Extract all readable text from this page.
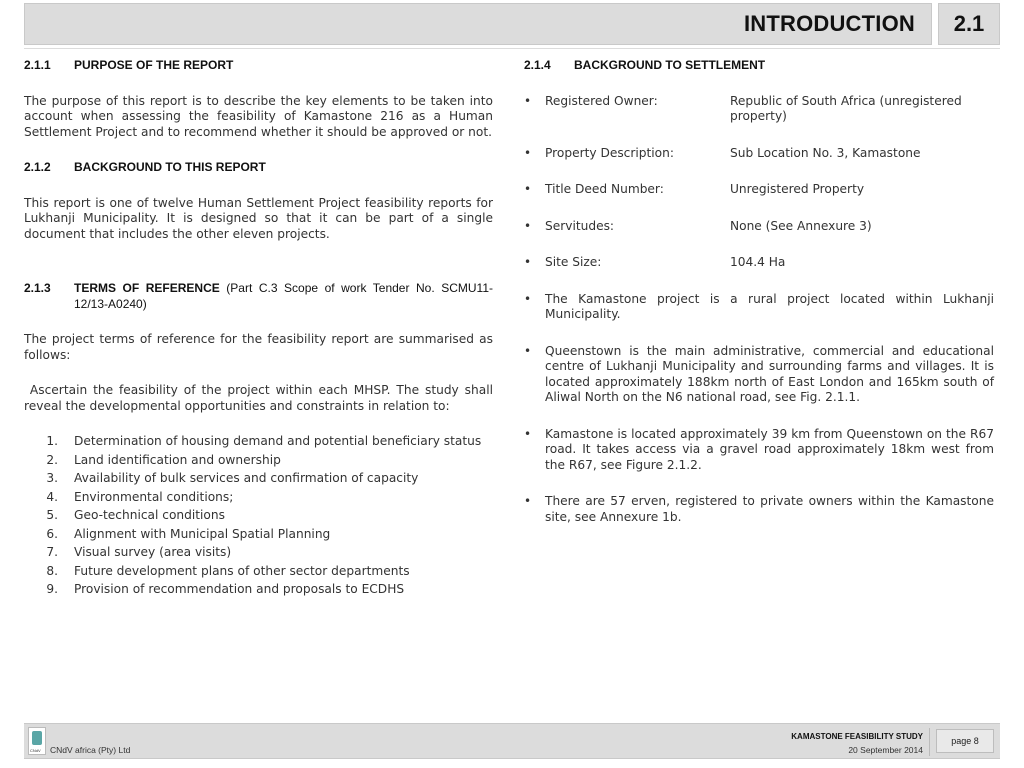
INTRODUCTION	2.1
2.1.1	PURPOSE OF THE REPORT

The purpose of this report is to describe the key elements to be taken into account when assessing the feasibility of Kamastone 216 as a Human Settlement Project and to recommend whether it should be approved or not.

2.1.2	BACKGROUND TO THIS REPORT

This report is one of twelve Human Settlement Project feasibility reports for Lukhanji Municipality. It is designed so that it can be part of a single document that includes the other eleven projects.

2.1.3	TERMS OF REFERENCE (Part C.3 Scope of work Tender No. SCMU11-12/13-A0240)

The project terms of reference for the feasibility report are summarised as follows:

Ascertain the feasibility of the project within each MHSP. The study shall reveal the developmental opportunities and constraints in relation to:

1.	Determination of housing demand and potential beneficiary status
2.	Land identification and ownership
3.	Availability of bulk services and confirmation of capacity
4.	Environmental conditions;
5.	Geo-technical conditions
6.	Alignment with Municipal Spatial Planning
7.	Visual survey (area visits)
8.	Future development plans of other sector departments
9.	Provision of recommendation and proposals to ECDHS
2.1.4	BACKGROUND TO SETTLEMENT
•	Registered Owner:	Republic of South Africa (unregistered property)
•	Property Description:	Sub Location No. 3, Kamastone
•	Title Deed Number:	Unregistered Property
•	Servitudes:	None (See Annexure 3)
•	Site Size:	104.4 Ha
•	The Kamastone project is a rural project located within Lukhanji Municipality.
•	Queenstown is the main administrative, commercial and educational centre of Lukhanji Municipality and surrounding farms and villages. It is located approximately 188km north of East London and 165km south of Aliwal North on the N6 national road, see Fig. 2.1.1.
•	Kamastone is located approximately 39 km from Queenstown on the R67 road. It takes access via a gravel road approximately 18km west from the R67, see Figure 2.1.2.
•	There are 57 erven, registered to private owners within the Kamastone site, see Annexure 1b.
CNdV CNdV africa (Pty) Ltd
KAMASTONE FEASIBILITY STUDY
20 September 2014
page 8
